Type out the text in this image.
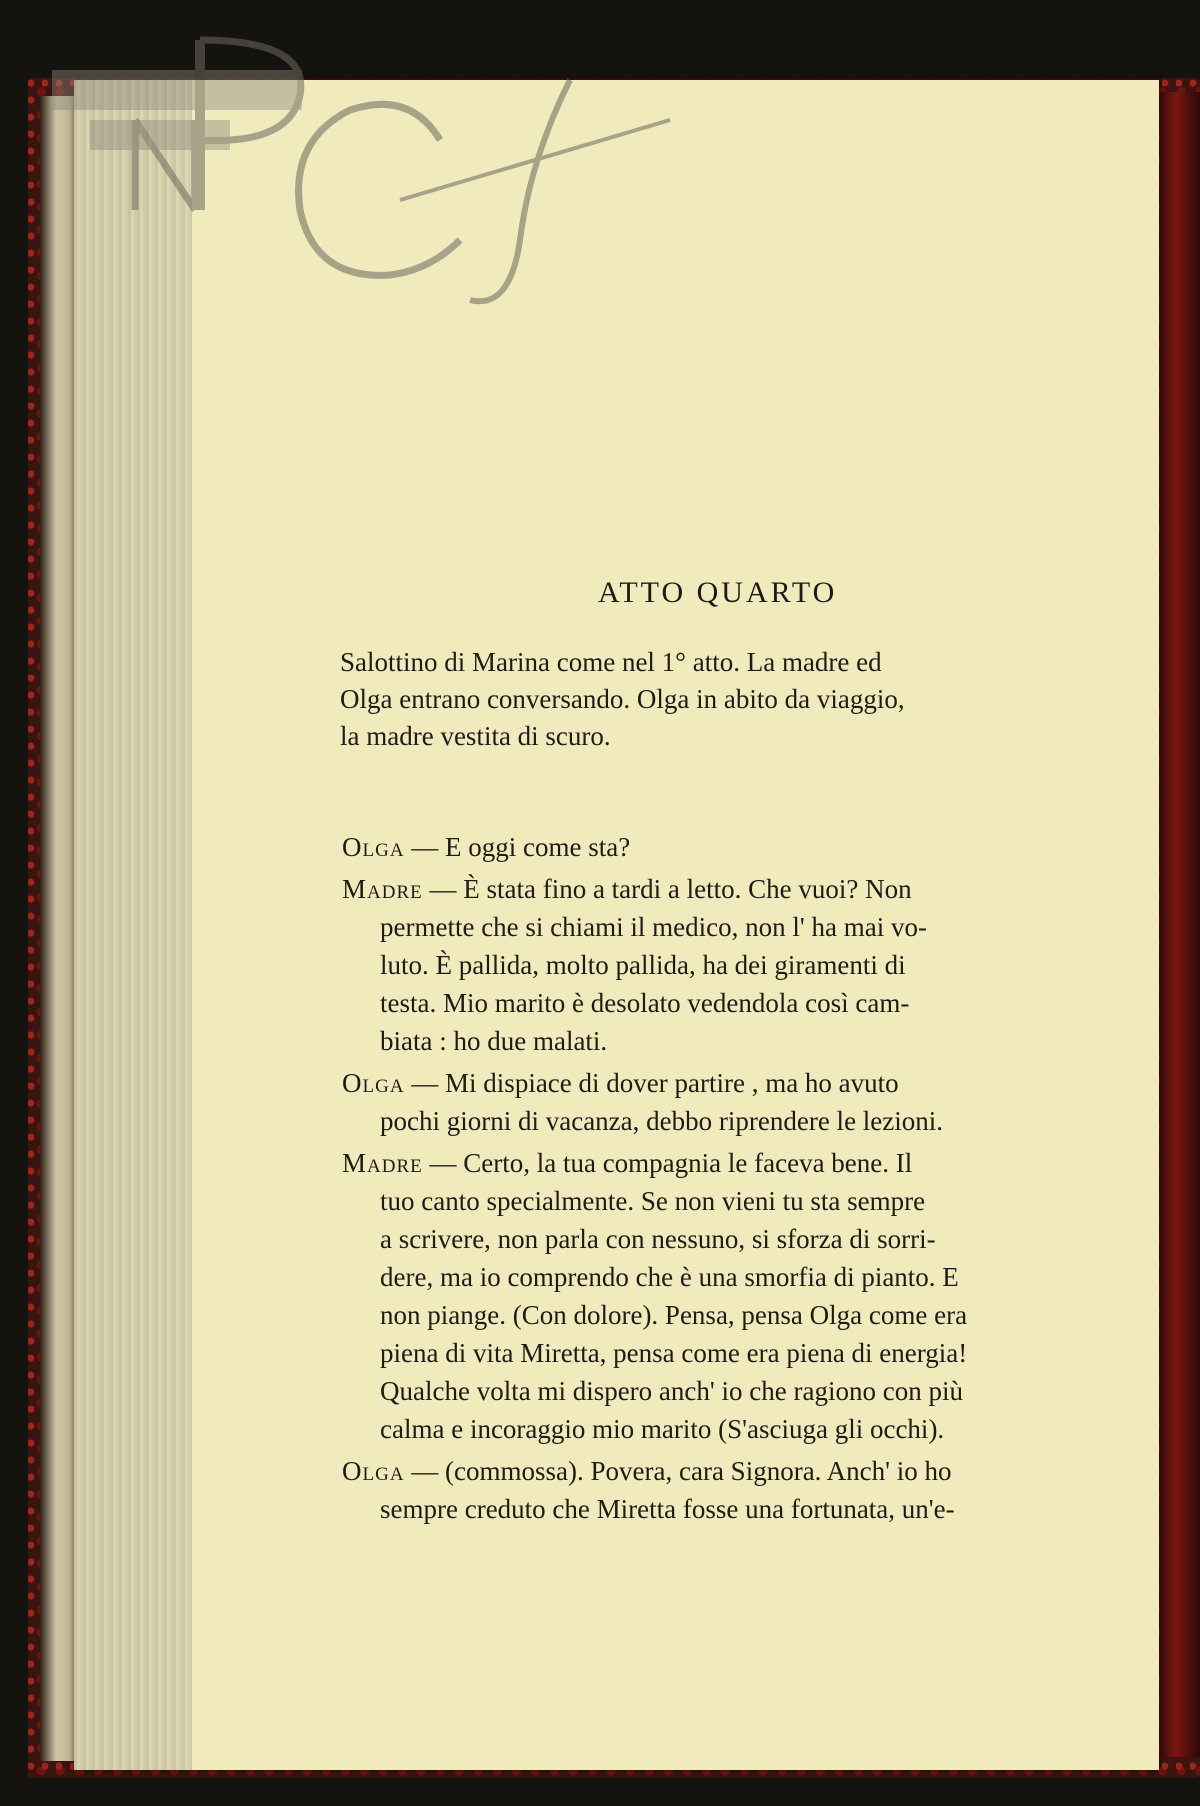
ATTO QUARTO
Salottino di Marina come nel 1° atto. La madre ed
Olga entrano conversando. Olga in abito da viaggio,
la madre vestita di scuro.
Olga — E oggi come sta?
Madre — È stata fino a tardi a letto. Che vuoi? Non
permette che si chiami il medico, non l' ha mai vo-
luto. È pallida, molto pallida, ha dei giramenti di
testa. Mio marito è desolato vedendola così cam-
biata : ho due malati.
Olga — Mi dispiace di dover partire , ma ho avuto
pochi giorni di vacanza, debbo riprendere le lezioni.
Madre — Certo, la tua compagnia le faceva bene. Il
tuo canto specialmente. Se non vieni tu sta sempre
a scrivere, non parla con nessuno, si sforza di sorri-
dere, ma io comprendo che è una smorfia di pianto. E
non piange. (Con dolore). Pensa, pensa Olga come era
piena di vita Miretta, pensa come era piena di energia!
Qualche volta mi dispero anch' io che ragiono con più
calma e incoraggio mio marito (S'asciuga gli occhi).
Olga — (commossa). Povera, cara Signora. Anch' io ho
sempre creduto che Miretta fosse una fortunata, un'e-
